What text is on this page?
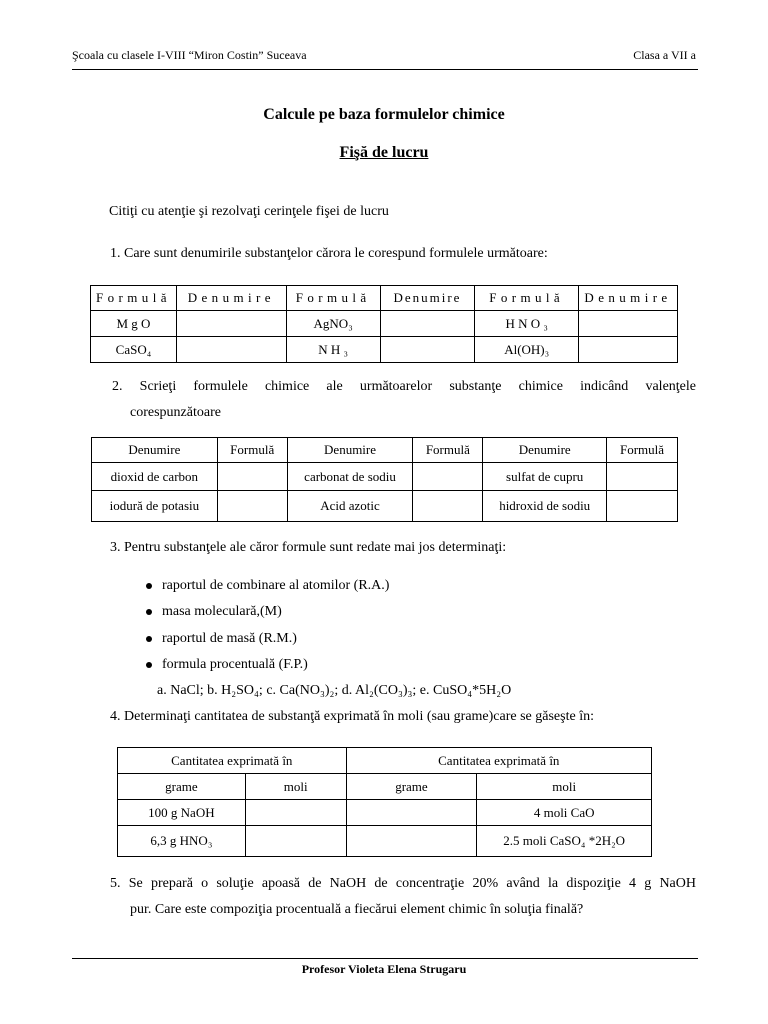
Şcoala cu clasele I-VIII “Miron Costin” Suceava	Clasa a VII a
Calcule pe baza formulelor chimice
Fişă de lucru
Citiţi cu atenţie şi rezolvaţi cerinţele fişei de lucru
1. Care sunt denumirile substanţelor cărora le corespund formulele următoare:
Formulă	Denumire	Formulă	Denumire	Formulă	Denumire
M g O		AgNO₃		H N O ₃	
CaSO₄		N H ₃		Al(OH)₃	
2. Scrieţi formulele chimice ale următoarelor substanţe chimice indicând valenţele
corespunzătoare
Denumire	Formulă	Denumire	Formulă	Denumire	Formulă
dioxid de carbon		carbonat de sodiu		sulfat de cupru	
iodură de potasiu		Acid azotic		hidroxid de sodiu	
3. Pentru substanţele ale căror formule sunt redate mai jos determinaţi:
raportul de combinare al atomilor (R.A.)
masa moleculară,(M)
raportul de masă (R.M.)
formula procentuală (F.P.)
a. NaCl; b. H₂SO₄; c. Ca(NO₃)₂; d. Al₂(CO₃)₃; e. CuSO₄*5H₂O
4. Determinaţi cantitatea de substanţă exprimată în moli (sau grame)care se găseşte în:
Cantitatea exprimată în		Cantitatea exprimată în	
grame	moli	grame	moli
100 g NaOH			4 moli CaO
6,3 g HNO₃			2.5 moli CaSO₄ *2H₂O
5. Se prepară o soluţie apoasă de NaOH de concentraţie 20% având la dispoziţie 4 g NaOH
pur. Care este compoziţia procentuală a fiecărui element chimic în soluţia finală?
Profesor Violeta Elena Strugaru
